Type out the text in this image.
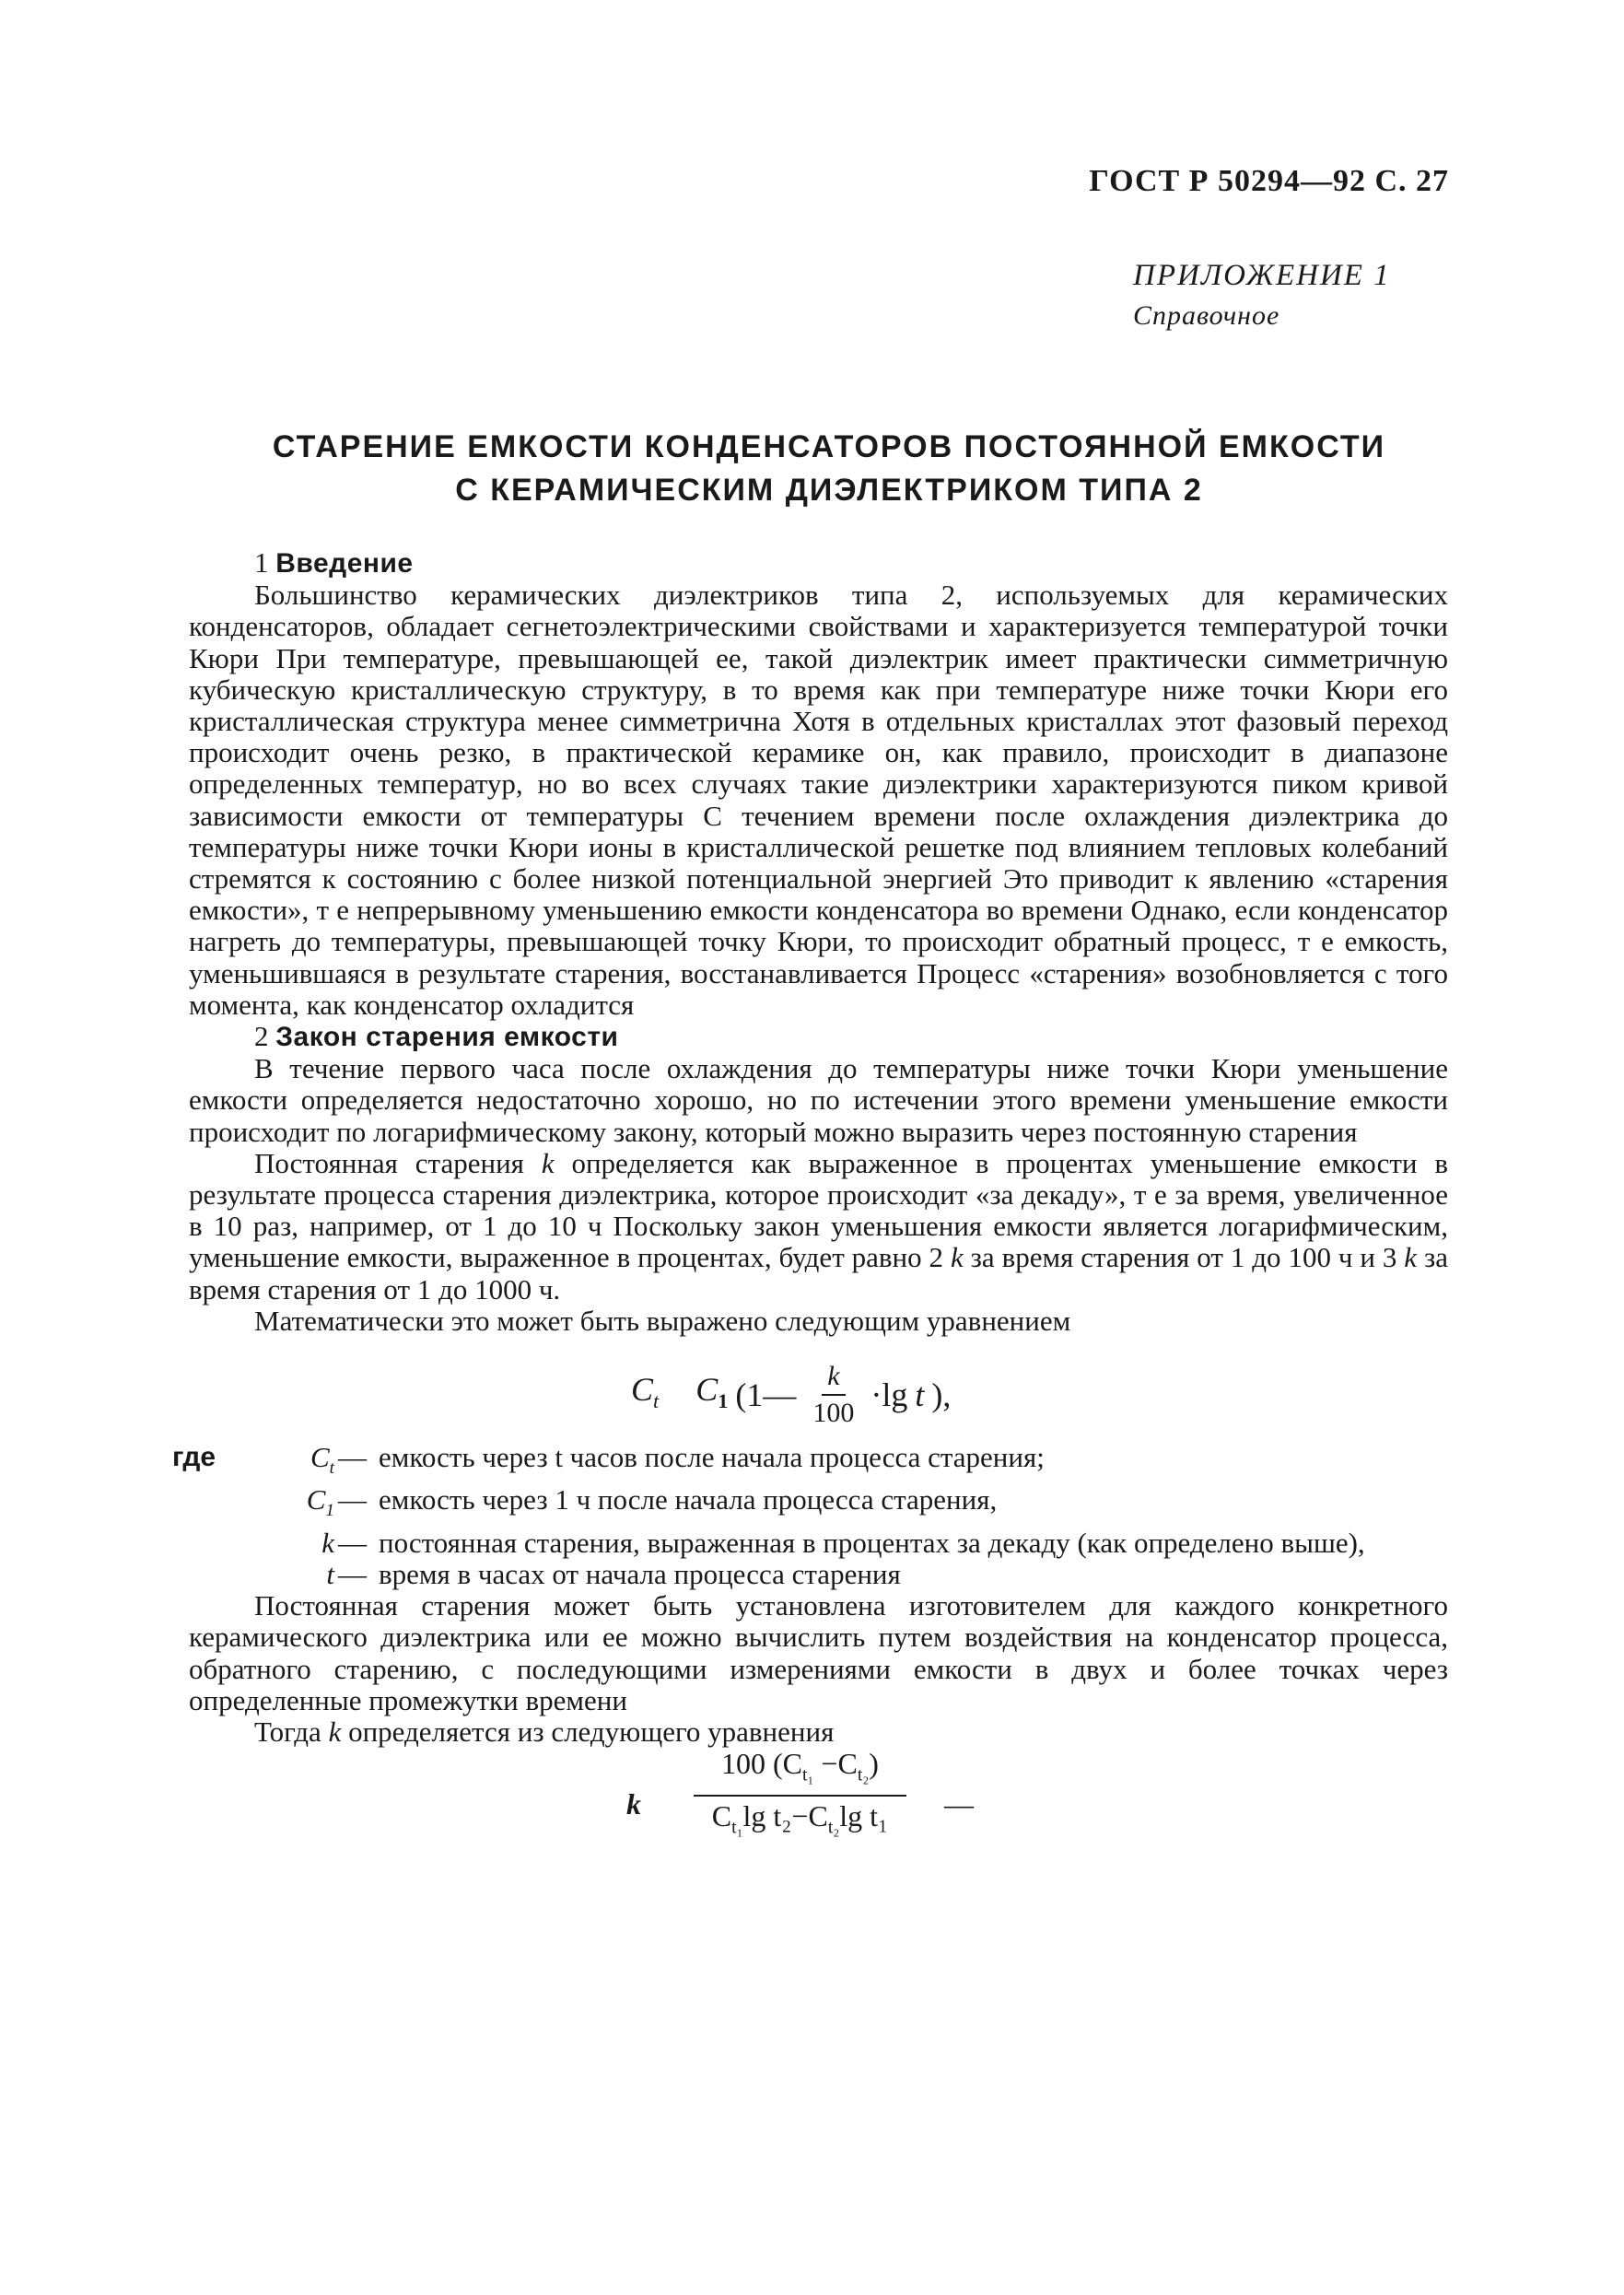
ГОСТ Р 50294—92 С. 27
ПРИЛОЖЕНИЕ 1
Справочное
СТАРЕНИЕ ЕМКОСТИ КОНДЕНСАТОРОВ ПОСТОЯННОЙ ЕМКОСТИ
С КЕРАМИЧЕСКИМ ДИЭЛЕКТРИКОМ ТИПА 2
1 Введение

Большинство керамических диэлектриков типа 2, используемых для керамических конденсаторов, обладает сегнетоэлектрическими свойствами и характеризуется температурой точки Кюри При температуре, превышающей ее, такой диэлектрик имеет практически симметричную кубическую кристаллическую структуру, в то время как при температуре ниже точки Кюри его кристаллическая структура менее симметрична Хотя в отдельных кристаллах этот фазовый переход происходит очень резко, в практической керамике он, как правило, происходит в диапазоне определенных температур, но во всех случаях такие диэлектрики характеризуются пиком кривой зависимости емкости от температуры С течением времени после охлаждения диэлектрика до температуры ниже точки Кюри ионы в кристаллической решетке под влиянием тепловых колебаний стремятся к состоянию с более низкой потенциальной энергией Это приводит к явлению «старения емкости», т е непрерывному уменьшению емкости конденсатора во времени Однако, если конденсатор нагреть до температуры, превышающей точку Кюри, то происходит обратный процесс, т е емкость, уменьшившаяся в результате старения, восстанавливается Процесс «старения» возобновляется с того момента, как конденсатор охладится

2 Закон старения емкости

В течение первого часа после охлаждения до температуры ниже точки Кюри уменьшение емкости определяется недостаточно хорошо, но по истечении этого времени уменьшение емкости происходит по логарифмическому закону, который можно выразить через постоянную старения

Постоянная старения k определяется как выраженное в процентах уменьшение емкости в результате процесса старения диэлектрика, которое происходит «за декаду», т е за время, увеличенное в 10 раз, например, от 1 до 10 ч Поскольку закон уменьшения емкости является логарифмическим, уменьшение емкости, выраженное в процентах, будет равно 2 k за время старения от 1 до 100 ч и 3 k за время старения от 1 до 1000 ч.

Математически это может быть выражено следующим уравнением

$C_t$ $C_1$ (1— $\frac{k}{100} \cdot\lg$ t ),
где	$C_t$ — емкость через t часов после начала процесса старения;
$C_1$ — емкость через 1 ч после начала процесса старения,
k — постоянная старения, выраженная в процентах за декаду (как определено выше),
t — время в часах от начала процесса старения

Постоянная старения может быть установлена изготовителем для каждого конкретного керамического диэлектрика или ее можно вычислить путем воздействия на конденсатор процесса, обратного старению, с последующими измерениями емкости в двух и более точках через определенные промежутки времени

Тогда k определяется из следующего уравнения

k $\frac{100 (C_{t_1} -C_{t_2})}{C_{t_1}\lg t_2-C_{t_2}\lg t_1}$ —
